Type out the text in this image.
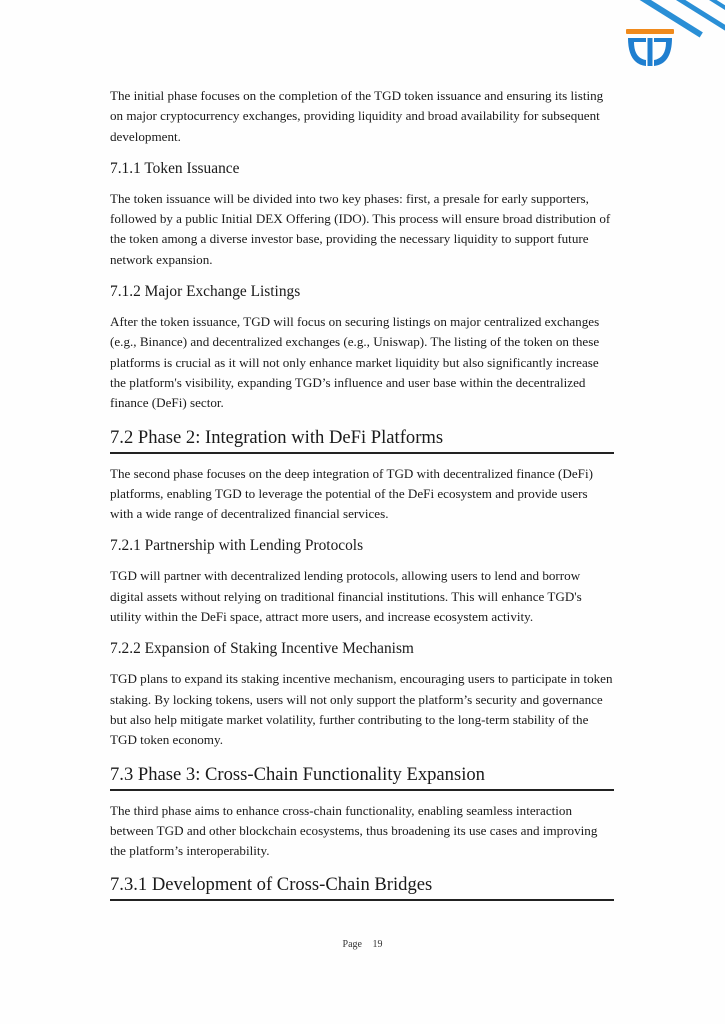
The initial phase focuses on the completion of the TGD token issuance and ensuring its listing on major cryptocurrency exchanges, providing liquidity and broad availability for subsequent development.

7.1.1 Token Issuance

The token issuance will be divided into two key phases: first, a presale for early supporters, followed by a public Initial DEX Offering (IDO). This process will ensure broad distribution of the token among a diverse investor base, providing the necessary liquidity to support future network expansion.

7.1.2 Major Exchange Listings

After the token issuance, TGD will focus on securing listings on major centralized exchanges (e.g., Binance) and decentralized exchanges (e.g., Uniswap). The listing of the token on these platforms is crucial as it will not only enhance market liquidity but also significantly increase the platform's visibility, expanding TGD’s influence and user base within the decentralized finance (DeFi) sector.

7.2 Phase 2: Integration with DeFi Platforms

The second phase focuses on the deep integration of TGD with decentralized finance (DeFi) platforms, enabling TGD to leverage the potential of the DeFi ecosystem and provide users with a wide range of decentralized financial services.

7.2.1 Partnership with Lending Protocols

TGD will partner with decentralized lending protocols, allowing users to lend and borrow digital assets without relying on traditional financial institutions. This will enhance TGD's utility within the DeFi space, attract more users, and increase ecosystem activity.

7.2.2 Expansion of Staking Incentive Mechanism

TGD plans to expand its staking incentive mechanism, encouraging users to participate in token staking. By locking tokens, users will not only support the platform’s security and governance but also help mitigate market volatility, further contributing to the long-term stability of the TGD token economy.

7.3 Phase 3: Cross-Chain Functionality Expansion

The third phase aims to enhance cross-chain functionality, enabling seamless interaction between TGD and other blockchain ecosystems, thus broadening its use cases and improving the platform’s interoperability.

7.3.1 Development of Cross-Chain Bridges
Page 19
